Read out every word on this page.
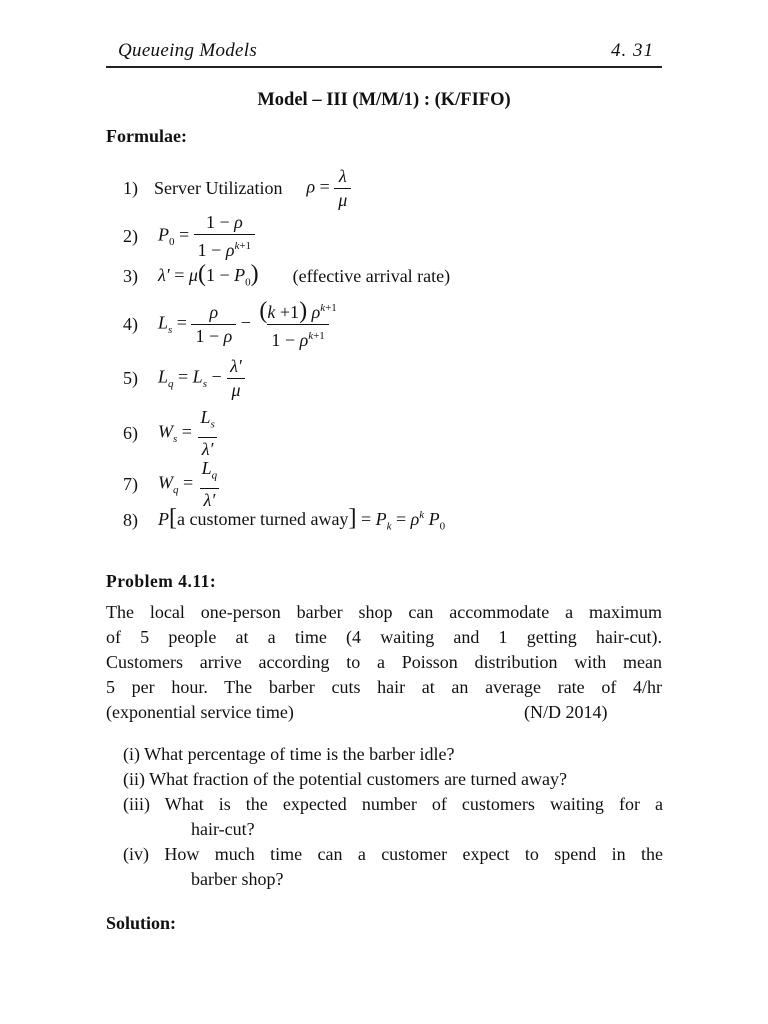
Queueing Models	4. 31
Model – III (M/M/1) : (K/FIFO)
Formulae:
1) Server Utilization $\rho = \frac{\lambda}{\mu}$
2) $P_0 = \frac{1 - \rho}{1 - \rho^{k+1}}$
3) $\lambda' = \mu(1 - P_0)$ (effective arrival rate)
4) $L_s = \frac{\rho}{1 - \rho} - \frac{(k +1) \rho^{k+1}}{1 - \rho^{k+1}}$
5) $L_q = L_s - \frac{\lambda'}{\mu}$
6) $W_s = \frac{L_s}{\lambda'}$
7) $W_q = \frac{L_q}{\lambda'}$
8) P[a customer turned away] = $P_k = \rho^k$ $P_0$
Problem 4.11:
The local one-person barber shop can accommodate a maximum
of 5 people at a time (4 waiting and 1 getting hair-cut).
Customers arrive according to a Poisson distribution with mean
5 per hour. The barber cuts hair at an average rate of 4/hr
(exponential service time)	(N/D 2014)
(i) What percentage of time is the barber idle?
(ii) What fraction of the potential customers are turned away?
(iii) What is the expected number of customers waiting for a
hair-cut?
(iv) How much time can a customer expect to spend in the
barber shop?
Solution:
